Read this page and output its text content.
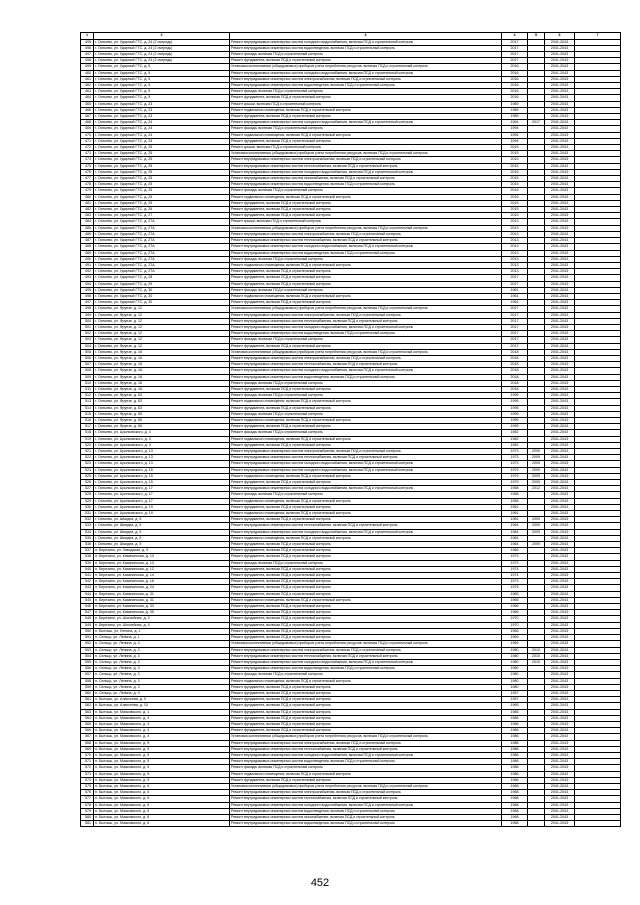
1	2	3	4	5	6	7
495	г. Оятьево, ул. Ударный ГТС, д. 24 (2 очередь)	Ремонт внутридомовых инженерных систем холодного водоснабжения, включая ПСД и строительный контроль	2017		2041-2043	
496	г. Оятьево, ул. Ударный ГТС, д. 24 (2 очередь)	Ремонт внутридомовых инженерных систем водоотведения, включая ПСД и строительный контроль	2017		2041-2043	
497	г. Оятьево, ул. Ударный ГТС, д. 24 (2 очередь)	Ремонт фасада, включая ПСД и строительный контроль	2017		2041-2043	
498	г. Оятьево, ул. Ударный ГТС, д. 24 (2 очередь)	Ремонт фундамента, включая ПСД и строительный контроль	2017		2041-2043	
499	г. Оятьево, ул. Ударный ГТС, д. 5	Установка коллективных (общедомовых) приборов учета потребления ресурсов, включая ПСД и строительный контроль	2016		2041-2043	
460	г. Оятьево, ул. Ударный ГТС, д. 5	Ремонт внутридомовых инженерных систем холодного водоснабжения, включая ПСД и строительный контроль	2016		2041-2043	
461	г. Оятьево, ул. Ударный ГТС, д. 5	Ремонт внутридомовых инженерных систем электроснабжения, включая ПСД и строительный контроль	2016		2041-2043	
462	г. Оятьево, ул. Ударный ГТС, д. 5	Ремонт внутридомовых инженерных систем водоотведения, включая ПСД и строительный контроль	2016		2041-2043	
463	г. Оятьево, ул. Ударный ГТС, д. 5	Ремонт фасада, включая ПСД и строительный контроль	2016		2041-2043	
464	г. Оятьево, ул. Ударный ГТС, д. 5	Ремонт фундамента, включая ПСД и строительный контроль	2016		2041-2043	
465	г. Оятьево, ул. Ударный ГТС, д. 23	Ремонт крыши, включая ПСД и строительный контроль	1989		2041-2043	
466	г. Оятьево, ул. Ударный ГТС, д. 23	Ремонт подвального помещения, включая ПСД и строительный контроль	1989		2041-2043	
467	г. Оятьево, ул. Ударный ГТС, д. 23	Ремонт фундамента, включая ПСД и строительный контроль	1989		2041-2043	
468	г. Оятьево, ул. Ударный ГТС, д. 24	Ремонт внутридомовых инженерных систем холодного водоснабжения, включая ПСД и строительный контроль	1994	2017	2041-2043	
469	г. Оятьево, ул. Ударный ГТС, д. 24	Ремонт фасада, включая ПСД и строительный контроль	1994		2041-2043	
470	г. Оятьево, ул. Ударный ГТС, д. 24	Ремонт подвального помещения, включая ПСД и строительный контроль	1994		2041-2043	
471	г. Оятьево, ул. Ударный ГТС, д. 24	Ремонт фундамента, включая ПСД и строительный контроль	1994		2041-2043	
472	г. Оятьево, ул. Ударный ГТС, д. 25	Ремонт крыши, включая ПСД и строительный контроль	2015		2041-2043	
473	г. Оятьево, ул. Ударный ГТС, д. 25	Установка коллективных (общедомовых) приборов учета потребления ресурсов, включая ПСД и строительный контроль	2015		2041-2043	
474	г. Оятьево, ул. Ударный ГТС, д. 25	Ремонт внутридомовых инженерных систем электроснабжения, включая ПСД и строительный контроль	2015		2041-2043	
475	г. Оятьево, ул. Ударный ГТС, д. 25	Ремонт внутридомовых инженерных систем теплоснабжения, включая ПСД и строительный контроль	2015		2041-2043	
476	г. Оятьево, ул. Ударный ГТС, д. 25	Ремонт внутридомовых инженерных систем холодного водоснабжения, включая ПСД и строительный контроль	2015		2041-2043	
477	г. Оятьево, ул. Ударный ГТС, д. 25	Ремонт внутридомовых инженерных систем газоснабжения, включая ПСД и строительный контроль	2015		2041-2043	
478	г. Оятьево, ул. Ударный ГТС, д. 25	Ремонт внутридомовых инженерных систем водоотведения, включая ПСД и строительный контроль	2015		2041-2043	
479	г. Оятьево, ул. Ударный ГТС, д. 25	Ремонт фасада, включая ПСД и строительный контроль	2015		2041-2043	
480	г. Оятьево, ул. Ударный ГТС, д. 25	Ремонт подвального помещения, включая ПСД и строительный контроль	2015		2041-2043	
481	г. Оятьево, ул. Ударный ГТС, д. 25	Ремонт фундамента, включая ПСД и строительный контроль	2015		2041-2043	
482	г. Оятьево, ул. Ударный ГТС, д. 26	Ремонт фундамента, включая ПСД и строительный контроль	2015		2041-2043	
483	г. Оятьево, ул. Ударный ГТС, д. 27	Ремонт фундамента, включая ПСД и строительный контроль	2015		2041-2043	
484	г. Оятьево, ул. Ударный ГТС, д. 27А	Ремонт крыши, включая ПСД и строительный контроль	2013		2041-2043	
485	г. Оятьево, ул. Ударный ГТС, д. 27А	Установка коллективных (общедомовых) приборов учета потребления ресурсов, включая ПСД и строительный контроль	2013		2041-2043	
486	г. Оятьево, ул. Ударный ГТС, д. 27А	Ремонт внутридомовых инженерных систем электроснабжения, включая ПСД и строительный контроль	2013		2041-2043	
487	г. Оятьево, ул. Ударный ГТС, д. 27А	Ремонт внутридомовых инженерных систем теплоснабжения, включая ПСД и строительный контроль	2013		2041-2043	
488	г. Оятьево, ул. Ударный ГТС, д. 27А	Ремонт внутридомовых инженерных систем холодного водоснабжения, включая ПСД и строительный контроль	2013		2041-2043	
489	г. Оятьево, ул. Ударный ГТС, д. 27А	Ремонт внутридомовых инженерных систем водоотведения, включая ПСД и строительный контроль	2013		2041-2043	
490	г. Оятьево, ул. Ударный ГТС, д. 27А	Ремонт фасада, включая ПСД и строительный контроль	2013		2041-2043	
491	г. Оятьево, ул. Ударный ГТС, д. 27А	Ремонт подвального помещения, включая ПСД и строительный контроль	2013		2041-2043	
492	г. Оятьево, ул. Ударный ГТС, д. 27А	Ремонт фундамента, включая ПСД и строительный контроль	2013		2041-2043	
493	г. Оятьево, ул. Ударный ГТС, д. 28	Ремонт фундамента, включая ПСД и строительный контроль	2017		2041-2043	
494	г. Оятьево, ул. Ударный ГТС, д. 29	Ремонт фундамента, включая ПСД и строительный контроль	2017		2041-2043	
495	г. Оятьево, ул. Ударный ГТС, д. 30	Ремонт фасада, включая ПСД и строительный контроль	1961		2041-2043	
496	г. Оятьево, ул. Ударный ГТС, д. 30	Ремонт подвального помещения, включая ПСД и строительный контроль	1961		2041-2043	
497	г. Оятьево, ул. Ударный ГТС, д. 30	Ремонт фундамента, включая ПСД и строительный контроль	1961		2041-2043	
498	г. Оятьево, ул. Фрунзе, д. 12	Установка коллективных (общедомовых) приборов учета потребления ресурсов, включая ПСД и строительный контроль	2017		2041-2043	
499	г. Оятьево, ул. Фрунзе, д. 12	Ремонт внутридомовых инженерных систем электроснабжения, включая ПСД и строительный контроль	2017		2041-2043	
500	г. Оятьево, ул. Фрунзе, д. 12	Ремонт внутридомовых инженерных систем теплоснабжения, включая ПСД и строительный контроль	2017		2041-2043	
501	г. Оятьево, ул. Фрунзе, д. 12	Ремонт внутридомовых инженерных систем холодного водоснабжения, включая ПСД и строительный контроль	2017		2041-2043	
502	г. Оятьево, ул. Фрунзе, д. 12	Ремонт внутридомовых инженерных систем водоотведения, включая ПСД и строительный контроль	2017		2041-2043	
503	г. Оятьево, ул. Фрунзе, д. 12	Ремонт фасада, включая ПСД и строительный контроль	2017		2041-2043	
504	г. Оятьево, ул. Фрунзе, д. 12	Ремонт фундамента, включая ПСД и строительный контроль	2017		2041-2043	
505	г. Оятьево, ул. Фрунзе, д. 16	Установка коллективных (общедомовых) приборов учета потребления ресурсов, включая ПСД и строительный контроль	2018		2041-2043	
506	г. Оятьево, ул. Фрунзе, д. 16	Ремонт внутридомовых инженерных систем электроснабжения, включая ПСД и строительный контроль	2018		2041-2043	
507	г. Оятьево, ул. Фрунзе, д. 16	Ремонт внутридомовых инженерных систем теплоснабжения, включая ПСД и строительный контроль	2018		2041-2043	
508	г. Оятьево, ул. Фрунзе, д. 16	Ремонт внутридомовых инженерных систем холодного водоснабжения, включая ПСД и строительный контроль	2018		2041-2043	
509	г. Оятьево, ул. Фрунзе, д. 16	Ремонт внутридомовых инженерных систем водоотведения, включая ПСД и строительный контроль	2018		2041-2043	
510	г. Оятьево, ул. Фрунзе, д. 16	Ремонт фасада, включая ПСД и строительный контроль	2018		2041-2043	
511	г. Оятьево, ул. Фрунзе, д. 16	Ремонт фундамента, включая ПСД и строительный контроль	2018		2041-2043	
512	г. Оятьево, ул. Фрунзе, д. 63	Ремонт фасада, включая ПСД и строительный контроль	1995		2041-2043	
513	г. Оятьево, ул. Фрунзе, д. 63	Ремонт подвального помещения, включая ПСД и строительный контроль	1995		2041-2043	
514	г. Оятьево, ул. Фрунзе, д. 63	Ремонт фундамента, включая ПСД и строительный контроль	1995		2041-2043	
515	г. Оятьево, ул. Фрунзе, д. 65	Ремонт фасада, включая ПСД и строительный контроль	1995		2041-2043	
516	г. Оятьево, ул. Фрунзе, д. 65	Ремонт подвального помещения, включая ПСД и строительный контроль	1995		2041-2043	
517	г. Оятьево, ул. Фрунзе, д. 65	Ремонт фундамента, включая ПСД и строительный контроль	1995		2041-2043	
518	г. Оятьево, ул. Циолковского, д. 3	Ремонт фасада, включая ПСД и строительный контроль	1982		2041-2043	
519	г. Оятьево, ул. Циолковского, д. 3	Ремонт подвального помещения, включая ПСД и строительный контроль	1982		2041-2043	
520	г. Оятьево, ул. Циолковского, д. 3	Ремонт фундамента, включая ПСД и строительный контроль	1982		2041-2043	
521	г. Оятьево, ул. Циолковского, д. 13	Ремонт внутридомовых инженерных систем электроснабжения, включая ПСД и строительный контроль	1973	2009	2041-2043	
522	г. Оятьево, ул. Циолковского, д. 13	Ремонт внутридомовых инженерных систем теплоснабжения, включая ПСД и строительный контроль	1973	2009	2041-2043	
523	г. Оятьево, ул. Циолковского, д. 13	Ремонт внутридомовых инженерных систем холодного водоснабжения, включая ПСД и строительный контроль	1973	2009	2041-2043	
524	г. Оятьево, ул. Циолковского, д. 15	Ремонт внутридомовых инженерных систем холодного водоснабжения, включая ПСД и строительный контроль	1979	2009	2041-2043	
525	г. Оятьево, ул. Циолковского, д. 15	Ремонт подвального помещения, включая ПСД и строительный контроль	1979	2009	2041-2043	
526	г. Оятьево, ул. Циолковского, д. 15	Ремонт фундамента, включая ПСД и строительный контроль	1979	2009	2041-2043	
527	г. Оятьево, ул. Циолковского, д. 17	Ремонт внутридомовых инженерных систем холодного водоснабжения, включая ПСД и строительный контроль	1958	2012	2041-2043	
528	г. Оятьево, ул. Циолковского, д. 17	Ремонт фасада, включая ПСД и строительный контроль	1958		2041-2043	
529	г. Оятьево, ул. Циолковского, д. 17	Ремонт подвального помещения, включая ПСД и строительный контроль	1958		2041-2043	
530	г. Оятьево, ул. Циолковского, д. 19	Ремонт фундамента, включая ПСД и строительный контроль	1961		2041-2043	
531	г. Оятьево, ул. Циолковского, д. 19	Ремонт подвального помещения, включая ПСД и строительный контроль	1961		2041-2043	
532	г. Оятьево, ул. Шмидта, д. 5	Ремонт фундамента, включая ПСД и строительный контроль	1961	2009	2041-2043	
533	г. Оятьево, ул. Шмидта, д. 5	Ремонт внутридомовых инженерных систем теплоснабжения, включая ПСД и строительный контроль	1964	2009	2041-2043	
534	г. Оятьево, ул. Шмидта, д. 5	Ремонт внутридомовых инженерных систем холодного водоснабжения, включая ПСД и строительный контроль	1964	2009	2041-2043	
535	г. Оятьево, ул. Шмидта, д. 5	Ремонт подвального помещения, включая ПСД и строительный контроль	1964		2041-2043	
536	г. Оятьево, ул. Шмидта, д. 5	Ремонт фундамента, включая ПСД и строительный контроль	1964	2009	2041-2043	
537	п. Березино, ул. Заводская, д. 5	Ремонт фундамента, включая ПСД и строительный контроль	1965		2041-2043	
538	п. Березино, ул. Казанинская, д. 13	Ремонт фундамента, включая ПСД и строительный контроль	1973		2041-2043	
539	п. Березино, ул. Казанинская, д. 13	Ремонт фасада, включая ПСД и строительный контроль	1973		2041-2043	
540	п. Березино, ул. Казанинская, д. 12	Ремонт фундамента, включая ПСД и строительный контроль	1974		2041-2043	
541	п. Березино, ул. Казанинская, д. 14	Ремонт фундамента, включая ПСД и строительный контроль	1974		2041-2043	
542	п. Березино, ул. Казанинская, д. 16	Ремонт фундамента, включая ПСД и строительный контроль	1973		2041-2043	
543	п. Березино, ул. Казанинская, д. 24	Ремонт фундамента, включая ПСД и строительный контроль	1975		2041-2043	
544	п. Березино, ул. Казанинская, д. 31	Ремонт фундамента, включая ПСД и строительный контроль	1965		2041-2043	
545	п. Березино, ул. Казанинская, д. 31	Ремонт подвального помещения, включая ПСД и строительный контроль	1965		2041-2043	
546	п. Березино, ул. Казанинская, д. 33	Ремонт фундамента, включая ПСД и строительный контроль	1966		2041-2043	
547	п. Березино, ул. Казанинская, д. 35	Ремонт фундамента, включая ПСД и строительный контроль	1966		2041-2043	
548	п. Березино, ул. Шоссейная, д. 2	Ремонт фундамента, включая ПСД и строительный контроль	1970		2041-2043	
549	п. Березино, ул. Шоссейная, д. 4	Ремонт фундамента, включая ПСД и строительный контроль	1970		2041-2043	
550	п. Бытошь, ул. Ленина, д. 1	Ремонт фундамента, включая ПСД и строительный контроль	1965		2041-2043	
551	п. Сельцо, ул. Ленина, д. 1	Ремонт фундамента, включая ПСД и строительный контроль	1969		2041-2043	
552	п. Сельцо, ул. Ленина, д. 3	Установка коллективных (общедомовых) приборов учета потребления ресурсов, включая ПСД и строительный контроль	1969		2041-2043	
553	п. Сельцо, ул. Ленина, д. 3	Ремонт внутридомовых инженерных систем электроснабжения, включая ПСД и строительный контроль	1980	2010	2041-2043	
554	п. Сельцо, ул. Ленина, д. 3	Ремонт внутридомовых инженерных систем теплоснабжения, включая ПСД и строительный контроль	1980	2010	2041-2043	
555	п. Сельцо, ул. Ленина, д. 3	Ремонт внутридомовых инженерных систем холодного водоснабжения, включая ПСД и строительный контроль	1980	2010	2041-2043	
556	п. Сельцо, ул. Ленина, д. 3	Ремонт внутридомовых инженерных систем водоотведения, включая ПСД и строительный контроль	1980		2041-2043	
557	п. Сельцо, ул. Ленина, д. 3	Ремонт фасада, включая ПСД и строительный контроль	1980		2041-2043	
558	п. Сельцо, ул. Ленина, д. 3	Ремонт подвального помещения, включая ПСД и строительный контроль	1980		2041-2043	
559	п. Сельцо, ул. Ленина, д. 3	Ремонт фундамента, включая ПСД и строительный контроль	1980		2041-2043	
560	п. Сельцо, ул. Ленина, д. 9	Ремонт фундамента, включая ПСД и строительный контроль	1957		2041-2043	
561	п. Бытошь, ул. Алексеева, д. 9	Ремонт фундамента, включая ПСД и строительный контроль	1957		2041-2043	
562	п. Бытошь, ул. Алексеева, д. 10	Ремонт фундамента, включая ПСД и строительный контроль	1965		2041-2043	
563	п. Бытошь, ул. Маяковского, д. 1	Ремонт фундамента, включая ПСД и строительный контроль	1985		2041-2043	
564	п. Бытошь, ул. Маяковского, д. 3	Ремонт фундамента, включая ПСД и строительный контроль	1985		2041-2043	
565	п. Бытошь, ул. Маяковского, д. 4	Ремонт фундамента, включая ПСД и строительный контроль	1986		2041-2043	
566	п. Бытошь, ул. Маяковского, д. 4	Ремонт фундамента, включая ПСД и строительный контроль	1986		2041-2043	
567	п. Бытошь, ул. Маяковского, д. 4	Установка коллективных (общедомовых) приборов учета потребления ресурсов, включая ПСД и строительный контроль	1986		2041-2043	
568	п. Бытошь, ул. Маяковского, д. 5	Ремонт внутридомовых инженерных систем электроснабжения, включая ПСД и строительный контроль	1986		2041-2043	
569	п. Бытошь, ул. Маяковского, д. 5	Ремонт внутридомовых инженерных систем теплоснабжения, включая ПСД и строительный контроль	1986		2041-2043	
570	п. Бытошь, ул. Маяковского, д. 5	Ремонт внутридомовых инженерных систем холодного водоснабжения, включая ПСД и строительный контроль	1986		2041-2043	
571	п. Бытошь, ул. Маяковского, д. 5	Ремонт внутридомовых инженерных систем водоотведения, включая ПСД и строительный контроль	1986		2041-2043	
572	п. Бытошь, ул. Маяковского, д. 5	Ремонт фасада, включая ПСД и строительный контроль	1986		2041-2043	
573	п. Бытошь, ул. Маяковского, д. 5	Ремонт подвального помещения, включая ПСД и строительный контроль	1986		2041-2043	
574	п. Бытошь, ул. Маяковского, д. 5	Ремонт фундамента, включая ПСД и строительный контроль	1986		2041-2043	
575	п. Бытошь, ул. Маяковского, д. 6	Установка коллективных (общедомовых) приборов учета потребления ресурсов, включая ПСД и строительный контроль	1968		2041-2043	
576	п. Бытошь, ул. Маяковского, д. 6	Ремонт внутридомовых инженерных систем электроснабжения, включая ПСД и строительный контроль	1968		2041-2043	
577	п. Бытошь, ул. Маяковского, д. 6	Ремонт внутридомовых инженерных систем теплоснабжения, включая ПСД и строительный контроль	1968		2041-2043	
578	п. Бытошь, ул. Маяковского, д. 6	Ремонт внутридомовых инженерных систем холодного водоснабжения, включая ПСД и строительный контроль	1968		2041-2043	
579	п. Бытошь, ул. Маяковского, д. 6	Ремонт внутридомовых инженерных систем водоотведения, включая ПСД и строительный контроль	1968		2041-2043	
580	п. Бытошь, ул. Маяковского, д. 6	Ремонт внутридомовых инженерных систем газоснабжения, включая ПСД и строительный контроль	1968		2041-2043	
581	п. Бытошь, ул. Маяковского, д. 6	Ремонт внутридомовых инженерных систем водоотведения, включая ПСД и строительный контроль	1968		2041-2043	
452
